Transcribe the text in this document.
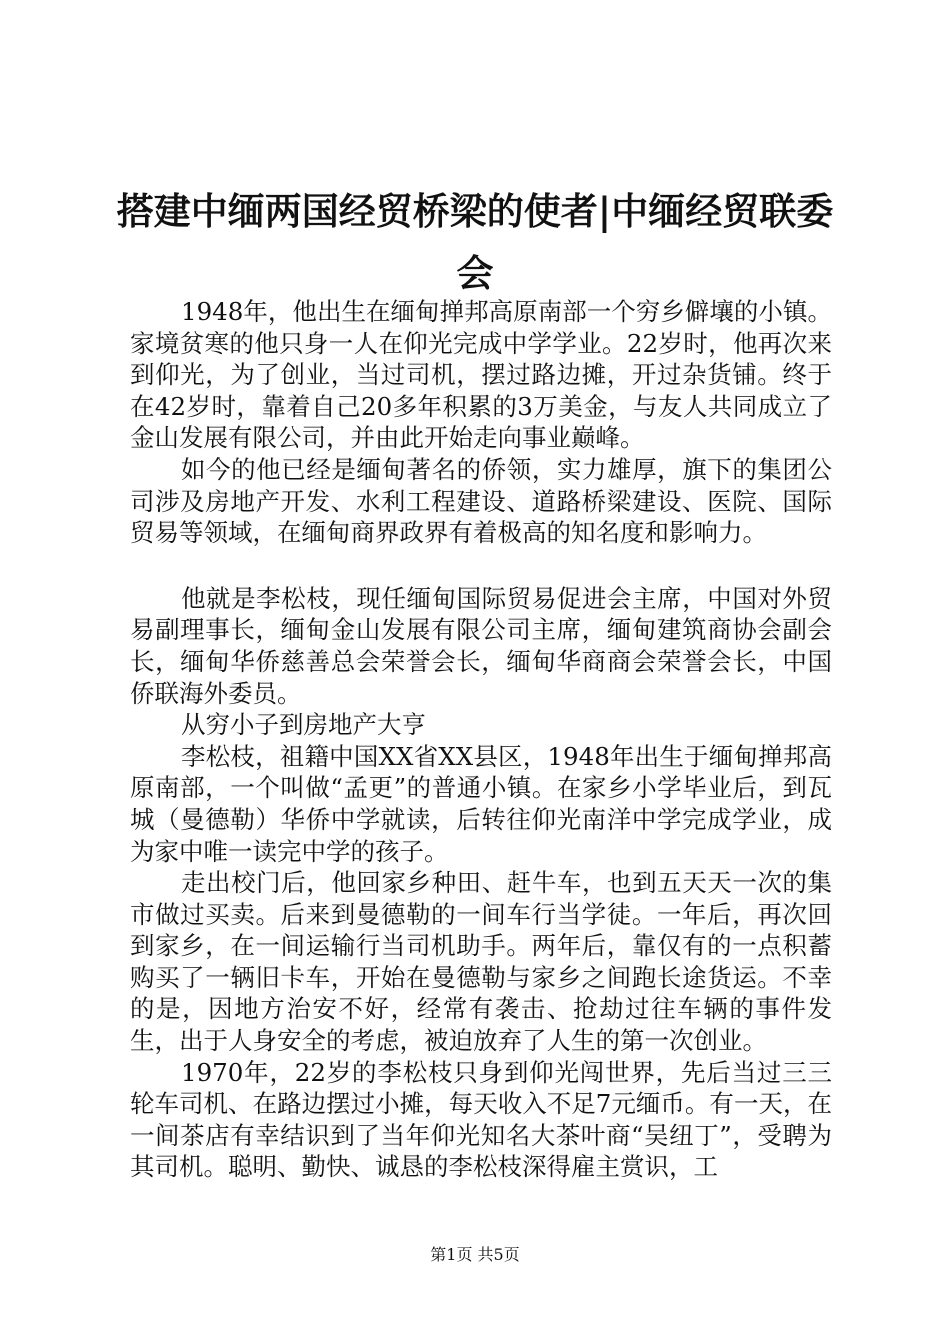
搭建中缅两国经贸桥梁的使者|中缅经贸联委会

1948年，他出生在缅甸掸邦高原南部一个穷乡僻壤的小镇。家境贫寒的他只身一人在仰光完成中学学业。22岁时，他再次来到仰光，为了创业，当过司机，摆过路边摊，开过杂货铺。终于在42岁时，靠着自己20多年积累的3万美金，与友人共同成立了金山发展有限公司，并由此开始走向事业巅峰。

如今的他已经是缅甸著名的侨领，实力雄厚，旗下的集团公司涉及房地产开发、水利工程建设、道路桥梁建设、医院、国际贸易等领域，在缅甸商界政界有着极高的知名度和影响力。

他就是李松枝，现任缅甸国际贸易促进会主席，中国对外贸易副理事长，缅甸金山发展有限公司主席，缅甸建筑商协会副会长，缅甸华侨慈善总会荣誉会长，缅甸华商商会荣誉会长，中国侨联海外委员。

从穷小子到房地产大亨

李松枝，祖籍中国XX省XX县区，1948年出生于缅甸掸邦高原南部，一个叫做“孟更”的普通小镇。在家乡小学毕业后，到瓦城（曼德勒）华侨中学就读，后转往仰光南洋中学完成学业，成为家中唯一读完中学的孩子。

走出校门后，他回家乡种田、赶牛车，也到五天天一次的集市做过买卖。后来到曼德勒的一间车行当学徒。一年后，再次回到家乡，在一间运输行当司机助手。两年后，靠仅有的一点积蓄购买了一辆旧卡车，开始在曼德勒与家乡之间跑长途货运。不幸的是，因地方治安不好，经常有袭击、抢劫过往车辆的事件发生，出于人身安全的考虑，被迫放弃了人生的第一次创业。

1970年，22岁的李松枝只身到仰光闯世界，先后当过三三轮车司机、在路边摆过小摊，每天收入不足7元缅币。有一天，在一间茶店有幸结识到了当年仰光知名大茶叶商“吴纽丁”，受聘为其司机。聪明、勤快、诚恳的李松枝深得雇主赏识，工

第1页 共5页
